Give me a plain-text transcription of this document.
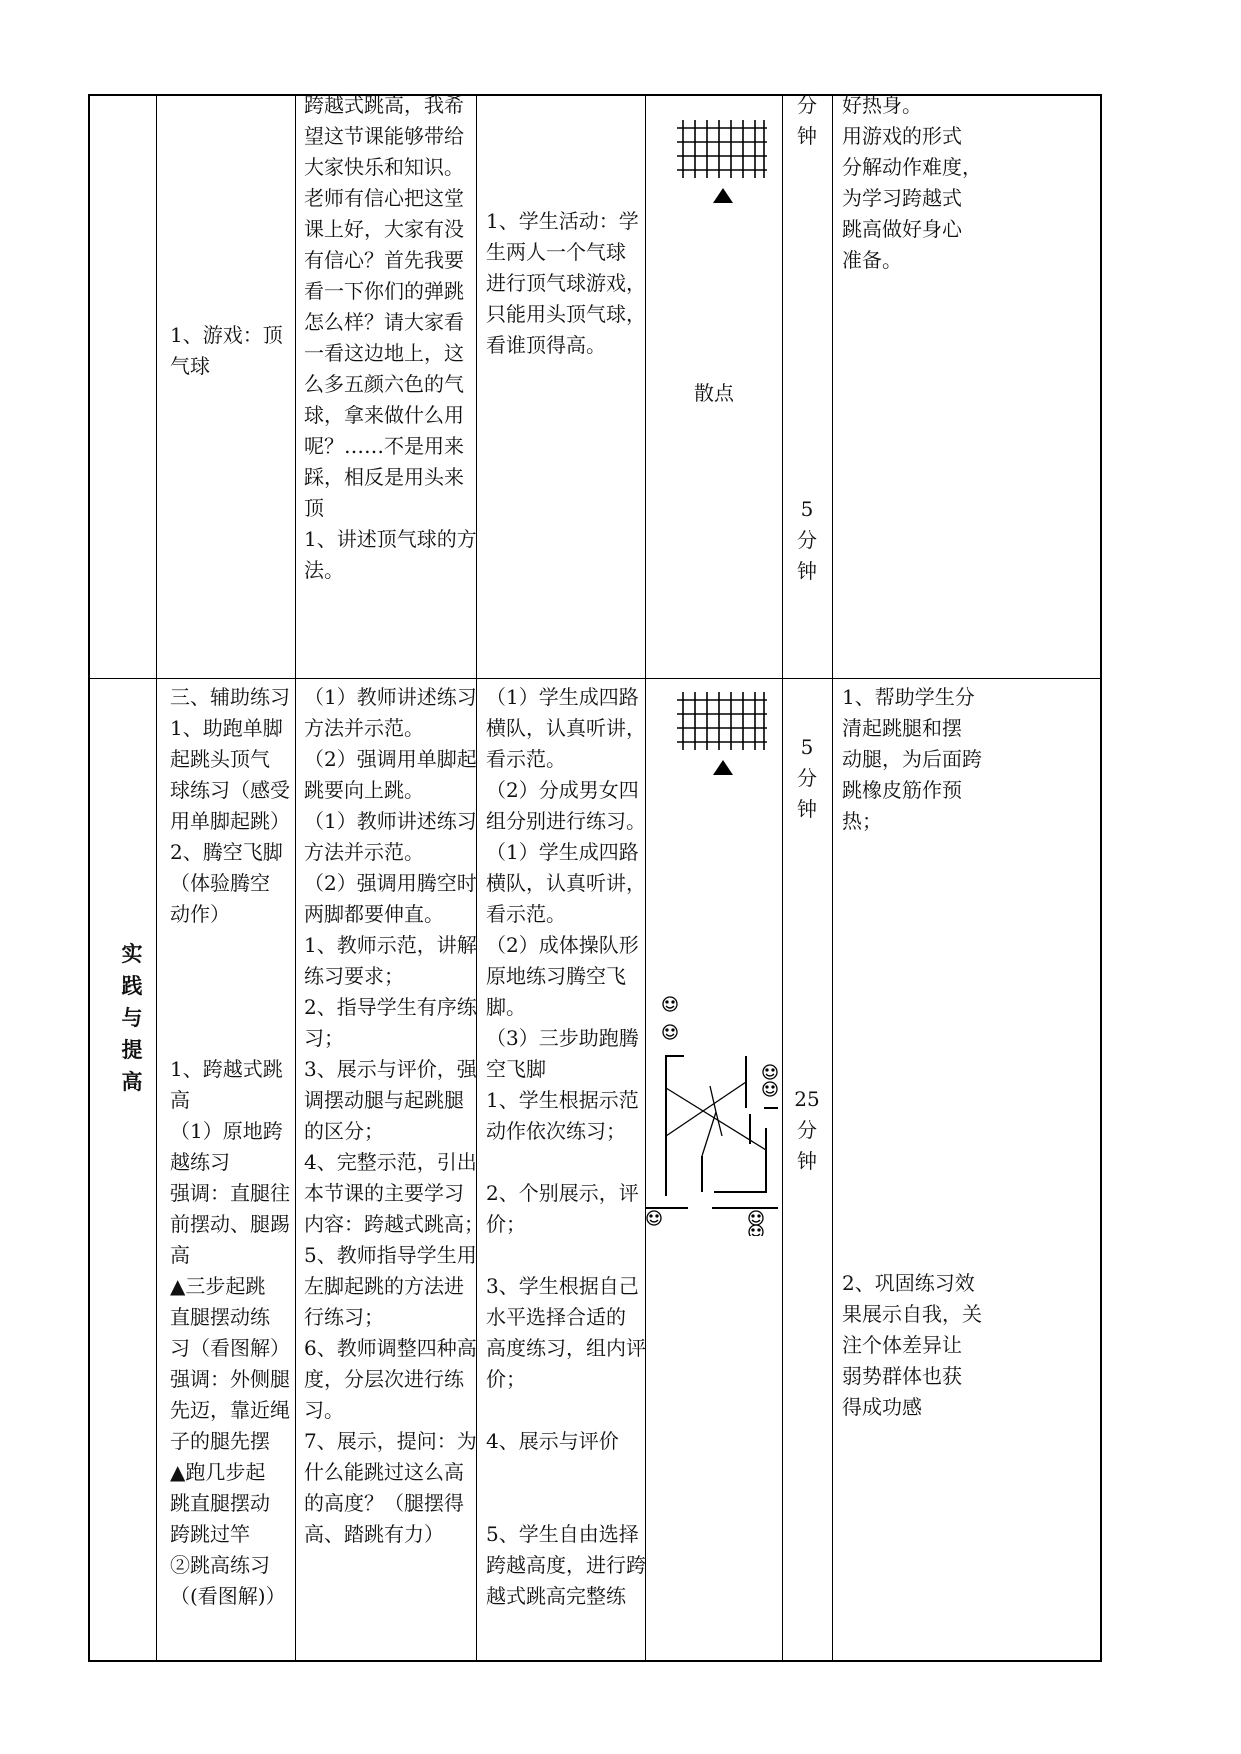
1、游戏：顶
气球
跨越式跳高，我希
望这节课能够带给
大家快乐和知识。
老师有信心把这堂
课上好，大家有没
有信心？首先我要
看一下你们的弹跳
怎么样？请大家看
一看这边地上，这
么多五颜六色的气
球，拿来做什么用
呢？……不是用来
踩，相反是用头来
顶
1、讲述顶气球的方
法。
1、学生活动：学
生两人一个气球
进行顶气球游戏，
只能用头顶气球，
看谁顶得高。
散点
分
钟
5
分
钟
好热身。
用游戏的形式
分解动作难度，
为学习跨越式
跳高做好身心
准备。
实
践
与
提
高
三、辅助练习
1、助跑单脚
起跳头顶气
球练习（感受
用单脚起跳）
2、腾空飞脚
（体验腾空
动作）

1、跨越式跳
高
（1）原地跨
越练习
强调：直腿往
前摆动、腿踢
高
▲三步起跳
直腿摆动练
习（看图解）
强调：外侧腿
先迈，靠近绳
子的腿先摆
▲跑几步起
跳直腿摆动
跨跳过竿
②跳高练习
（(看图解)）
（1）教师讲述练习
方法并示范。
（2）强调用单脚起
跳要向上跳。
（1）教师讲述练习
方法并示范。
（2）强调用腾空时
两脚都要伸直。
1、教师示范，讲解
练习要求；
2、指导学生有序练
习；
3、展示与评价，强
调摆动腿与起跳腿
的区分；
4、完整示范，引出
本节课的主要学习
内容：跨越式跳高；
5、教师指导学生用
左脚起跳的方法进
行练习；
6、教师调整四种高
度，分层次进行练
习。
7、展示，提问：为
什么能跳过这么高
的高度？（腿摆得
高、踏跳有力）
（1）学生成四路
横队，认真听讲，
看示范。
（2）分成男女四
组分别进行练习。
（1）学生成四路
横队，认真听讲，
看示范。
（2）成体操队形
原地练习腾空飞
脚。
（3）三步助跑腾
空飞脚
1、学生根据示范
动作依次练习；

2、个别展示，评
价；

3、学生根据自己
水平选择合适的
高度练习，组内评
价；

4、展示与评价

5、学生自由选择
跨越高度，进行跨
越式跳高完整练
5
分
钟
25
分
钟
1、帮助学生分
清起跳腿和摆
动腿，为后面跨
跳橡皮筋作预
热；
2、巩固练习效
果展示自我，关
注个体差异让
弱势群体也获
得成功感
